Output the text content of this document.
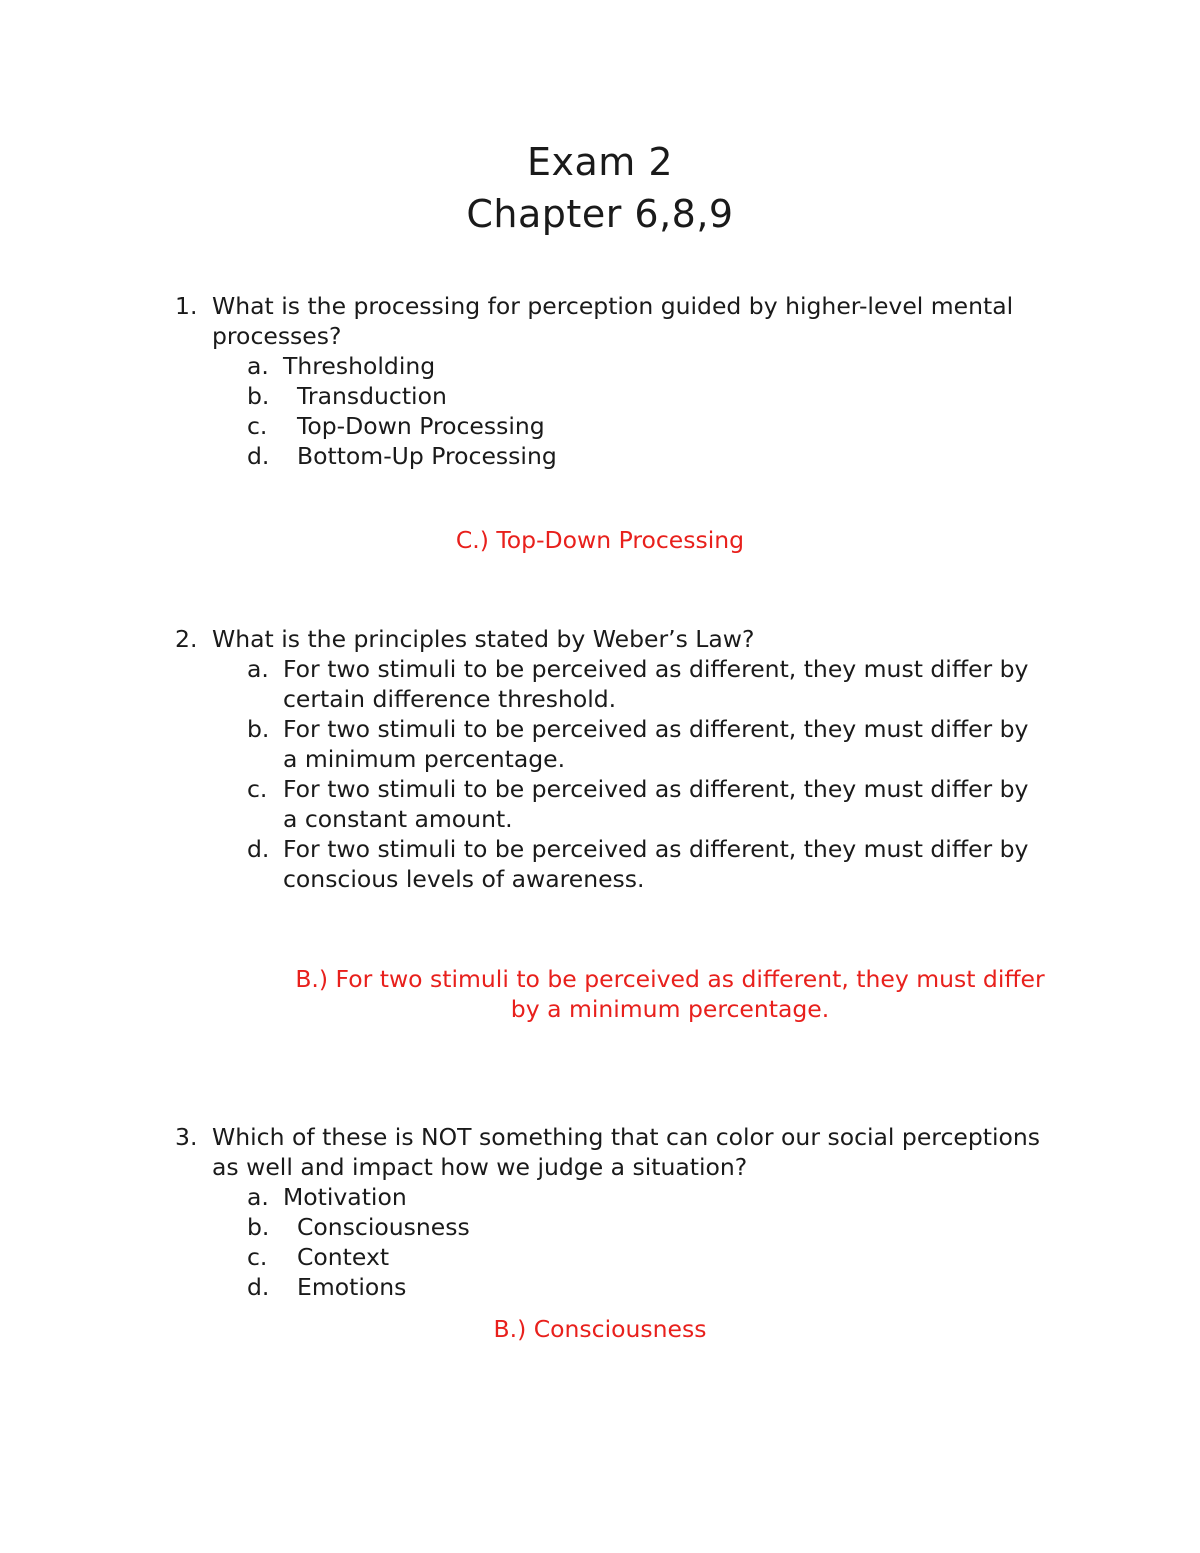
Exam 2
Chapter 6,8,9
1. What is the processing for perception guided by higher-level mental processes?
a. Thresholding
b. Transduction
c. Top-Down Processing
d. Bottom-Up Processing
C.) Top-Down Processing
2. What is the principles stated by Weber’s Law?
a. For two stimuli to be perceived as different, they must differ by certain difference threshold.
b. For two stimuli to be perceived as different, they must differ by a minimum percentage.
c. For two stimuli to be perceived as different, they must differ by a constant amount.
d. For two stimuli to be perceived as different, they must differ by conscious levels of awareness.
B.) For two stimuli to be perceived as different, they must differ by a minimum percentage.
3. Which of these is NOT something that can color our social perceptions as well and impact how we judge a situation?
a. Motivation
b. Consciousness
c. Context
d. Emotions
B.) Consciousness
